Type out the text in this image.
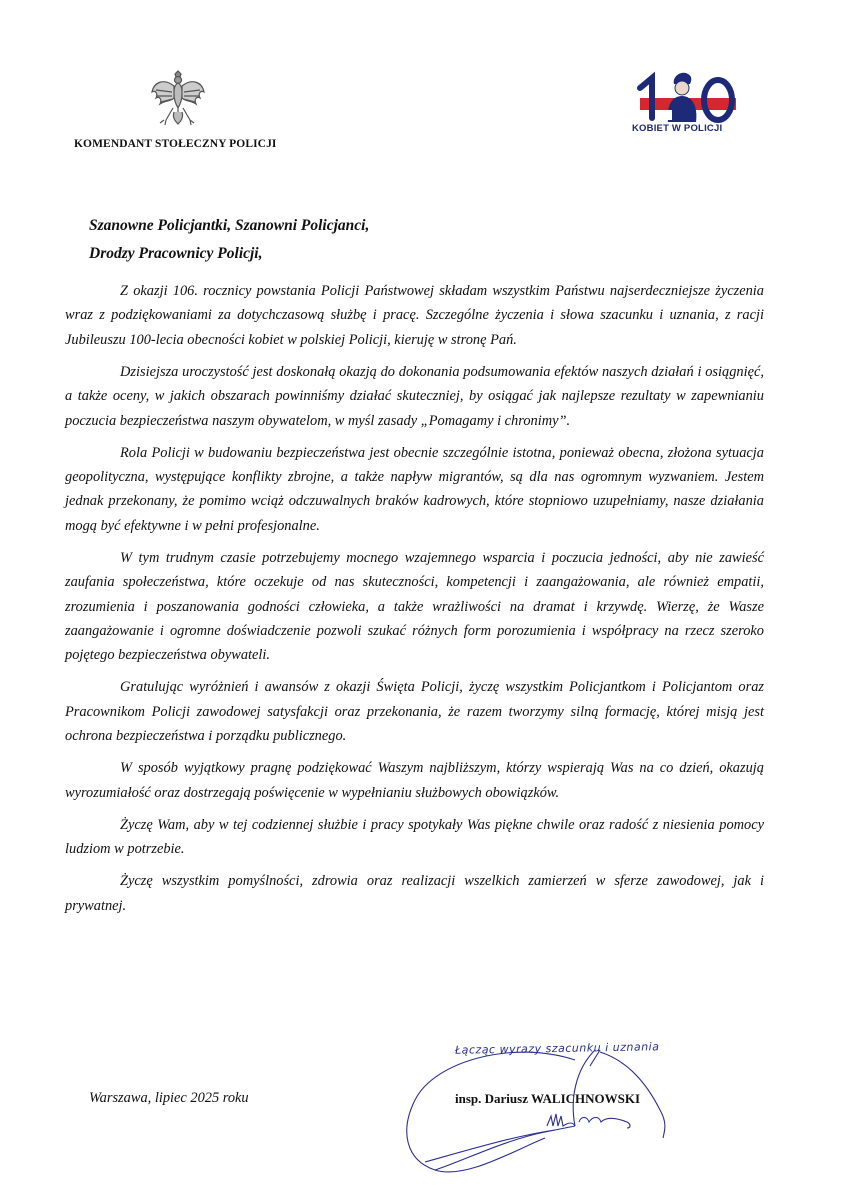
KOMENDANT STOŁECZNY POLICJI
KOBIET W POLICJI
Szanowne Policjantki, Szanowni Policjanci,
Drodzy Pracownicy Policji,

Z okazji 106. rocznicy powstania Policji Państwowej składam wszystkim Państwu najserdeczniejsze życzenia wraz z podziękowaniami za dotychczasową służbę i pracę. Szczególne życzenia i słowa szacunku i uznania, z racji Jubileuszu 100-lecia obecności kobiet w polskiej Policji, kieruję w stronę Pań.

Dzisiejsza uroczystość jest doskonałą okazją do dokonania podsumowania efektów naszych działań i osiągnięć, a także oceny, w jakich obszarach powinniśmy działać skuteczniej, by osiągać jak najlepsze rezultaty w zapewnianiu poczucia bezpieczeństwa naszym obywatelom, w myśl zasady „Pomagamy i chronimy”.

Rola Policji w budowaniu bezpieczeństwa jest obecnie szczególnie istotna, ponieważ obecna, złożona sytuacja geopolityczna, występujące konflikty zbrojne, a także napływ migrantów, są dla nas ogromnym wyzwaniem. Jestem jednak przekonany, że pomimo wciąż odczuwalnych braków kadrowych, które stopniowo uzupełniamy, nasze działania mogą być efektywne i w pełni profesjonalne.

W tym trudnym czasie potrzebujemy mocnego wzajemnego wsparcia i poczucia jedności, aby nie zawieść zaufania społeczeństwa, które oczekuje od nas skuteczności, kompetencji i zaangażowania, ale również empatii, zrozumienia i poszanowania godności człowieka, a także wrażliwości na dramat i krzywdę. Wierzę, że Wasze zaangażowanie i ogromne doświadczenie pozwoli szukać różnych form porozumienia i współpracy na rzecz szeroko pojętego bezpieczeństwa obywateli.

Gratulując wyróżnień i awansów z okazji Święta Policji, życzę wszystkim Policjantkom i Policjantom oraz Pracownikom Policji zawodowej satysfakcji oraz przekonania, że razem tworzymy silną formację, której misją jest ochrona bezpieczeństwa i porządku publicznego.

W sposób wyjątkowy pragnę podziękować Waszym najbliższym, którzy wspierają Was na co dzień, okazują wyrozumiałość oraz dostrzegają poświęcenie w wypełnianiu służbowych obowiązków.

Życzę Wam, aby w tej codziennej służbie i pracy spotykały Was piękne chwile oraz radość z niesienia pomocy ludziom w potrzebie.

Życzę wszystkim pomyślności, zdrowia oraz realizacji wszelkich zamierzeń w sferze zawodowej, jak i prywatnej.

Warszawa, lipiec 2025 roku
Łącząc wyrazy szacunku i uznania
insp. Dariusz WALICHNOWSKI
